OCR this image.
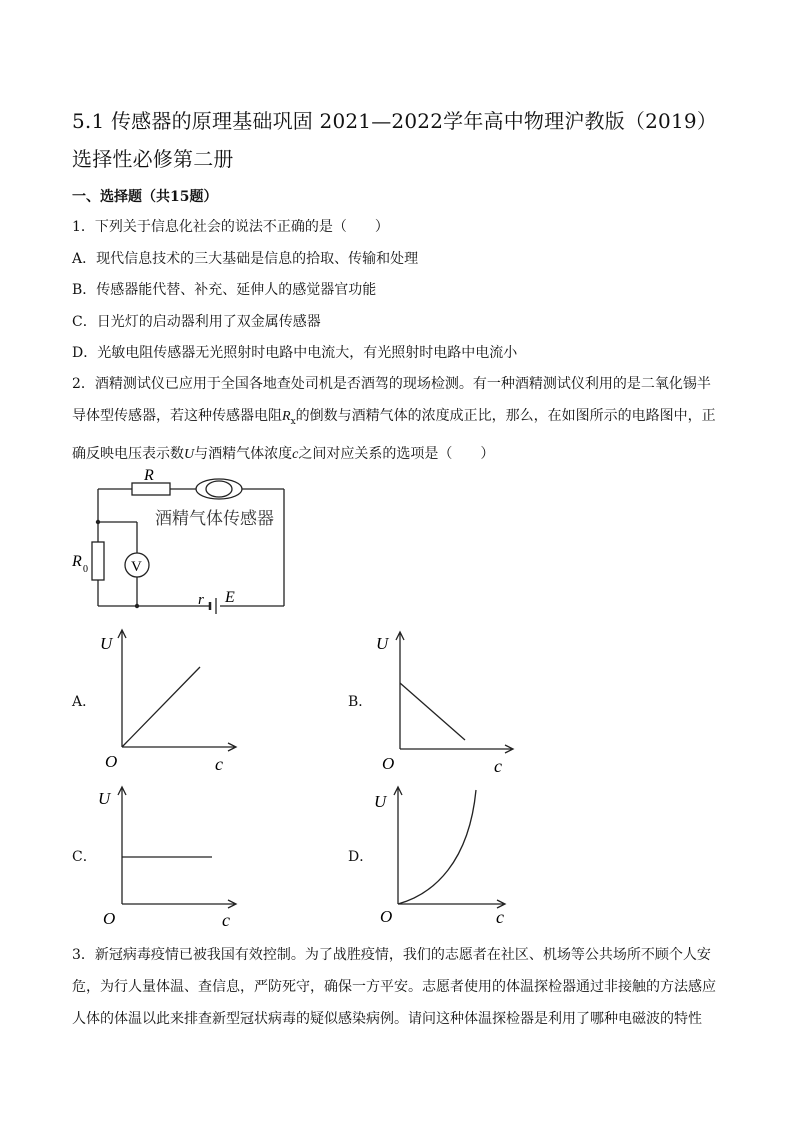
5.1 传感器的原理基础巩固 2021—2022学年高中物理沪教版（2019）选择性必修第二册
一、选择题（共15题）
1．下列关于信息化社会的说法不正确的是（　　）
A．现代信息技术的三大基础是信息的拾取、传输和处理
B．传感器能代替、补充、延伸人的感觉器官功能
C．日光灯的启动器利用了双金属传感器
D．光敏电阻传感器无光照射时电路中电流大，有光照射时电路中电流小
2．酒精测试仪已应用于全国各地查处司机是否酒驾的现场检测。有一种酒精测试仪利用的是二氧化锡半导体型传感器，若这种传感器电阻$R_x$的倒数与酒精气体的浓度成正比，那么，在如图所示的电路图中，正确反映电压表示数U与酒精气体浓度c之间对应关系的选项是（　　）
R
酒精气体传感器
R 0	V
r E
A．
U
O	c
B．
U
O	c
C．
U
O	c
D．
U
O	c
3．新冠病毒疫情已被我国有效控制。为了战胜疫情，我们的志愿者在社区、机场等公共场所不顾个人安危，为行人量体温、查信息，严防死守，确保一方平安。志愿者使用的体温探检器通过非接触的方法感应人体的体温以此来排查新型冠状病毒的疑似感染病例。请问这种体温探检器是利用了哪种电磁波的特性
